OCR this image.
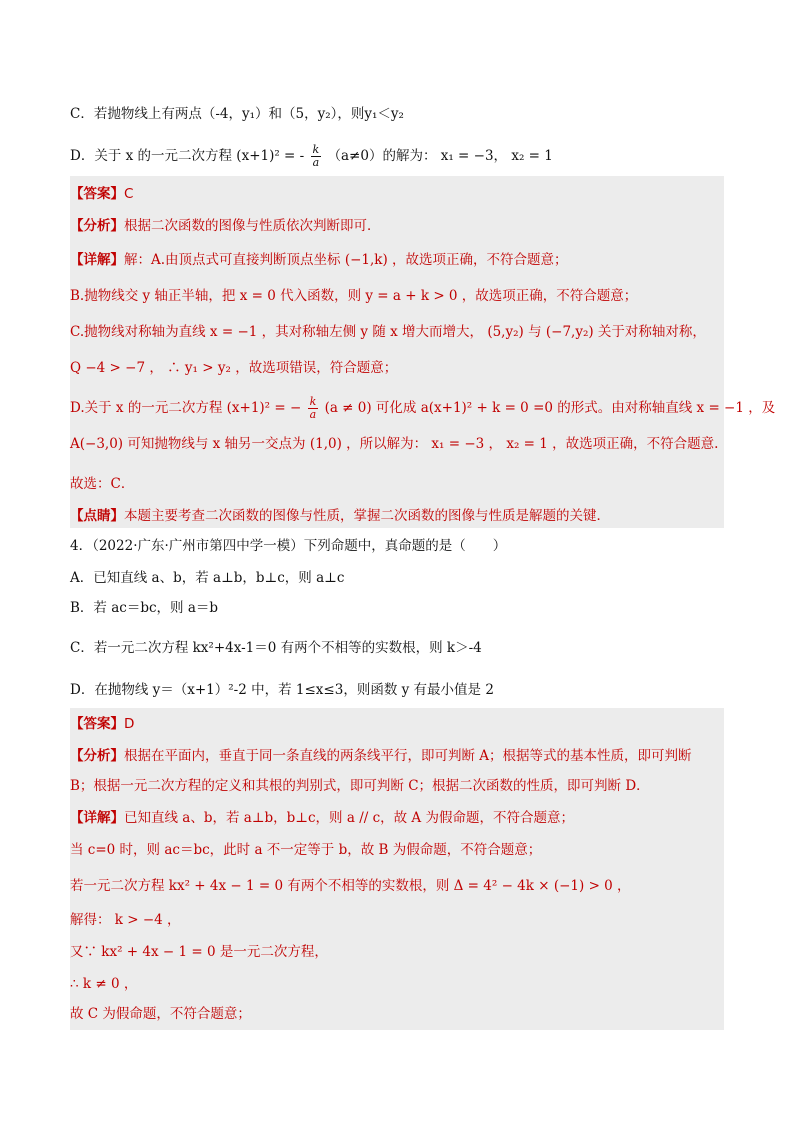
C．若抛物线上有两点（-4，y₁）和（5，y₂），则y₁＜y₂
D．关于 x 的一元二次方程 (x+1)² = - $\frac{k}{a} (a\ne 0)$的解为： x₁ = −3， x₂ = 1
【答案】C
【分析】根据二次函数的图像与性质依次判断即可．
【详解】解：A.由顶点式可直接判断顶点坐标 (−1,k) ，故选项正确，不符合题意；
B.抛物线交 y 轴正半轴，把 x = 0 代入函数，则 y = a + k > 0 ，故选项正确，不符合题意；
C.抛物线对称轴为直线 x = −1 ，其对称轴左侧 y 随 x 增大而增大， (5,y₂) 与 (−7,y₂) 关于对称轴对称，
Q −4 > −7 ， ∴ y₁ > y₂ ，故选项错误，符合题意；
D.关于 x 的一元二次方程 (x+1)² = − $\frac{k}{a} (a \ne 0)$ 可化成 a(x+1)² + k = 0 =0 的形式。由对称轴直线 x = −1 ，及
A(−3,0) 可知抛物线与 x 轴另一交点为 (1,0) ，所以解为： x₁ = −3 ， x₂ = 1 ，故选项正确，不符合题意.
故选：C．
【点睛】本题主要考查二次函数的图像与性质，掌握二次函数的图像与性质是解题的关键．
4．（2022·广东·广州市第四中学一模）下列命题中，真命题的是（　　）
A．已知直线 a、b，若 a⊥b，b⊥c，则 a⊥c
B．若 ac＝bc，则 a＝b
C．若一元二次方程 kx²+4x-1＝0 有两个不相等的实数根，则 k＞-4
D．在抛物线 y＝（x+1）²-2 中，若 1≤x≤3，则函数 y 有最小值是 2
【答案】D
【分析】根据在平面内，垂直于同一条直线的两条线平行，即可判断 A；根据等式的基本性质，即可判断
B；根据一元二次方程的定义和其根的判别式，即可判断 C；根据二次函数的性质，即可判断 D．
【详解】已知直线 a、b，若 a⊥b，b⊥c，则 a // c，故 A 为假命题，不符合题意；
当 c=0 时，则 ac＝bc，此时 a 不一定等于 b，故 B 为假命题，不符合题意；
若一元二次方程 kx² + 4x − 1 = 0 有两个不相等的实数根，则 Δ = 4² − 4k × (−1) > 0 ，
解得： k > −4 ，
又∵ kx² + 4x − 1 = 0 是一元二次方程，
∴ k ≠ 0 ，
故 C 为假命题，不符合题意；
